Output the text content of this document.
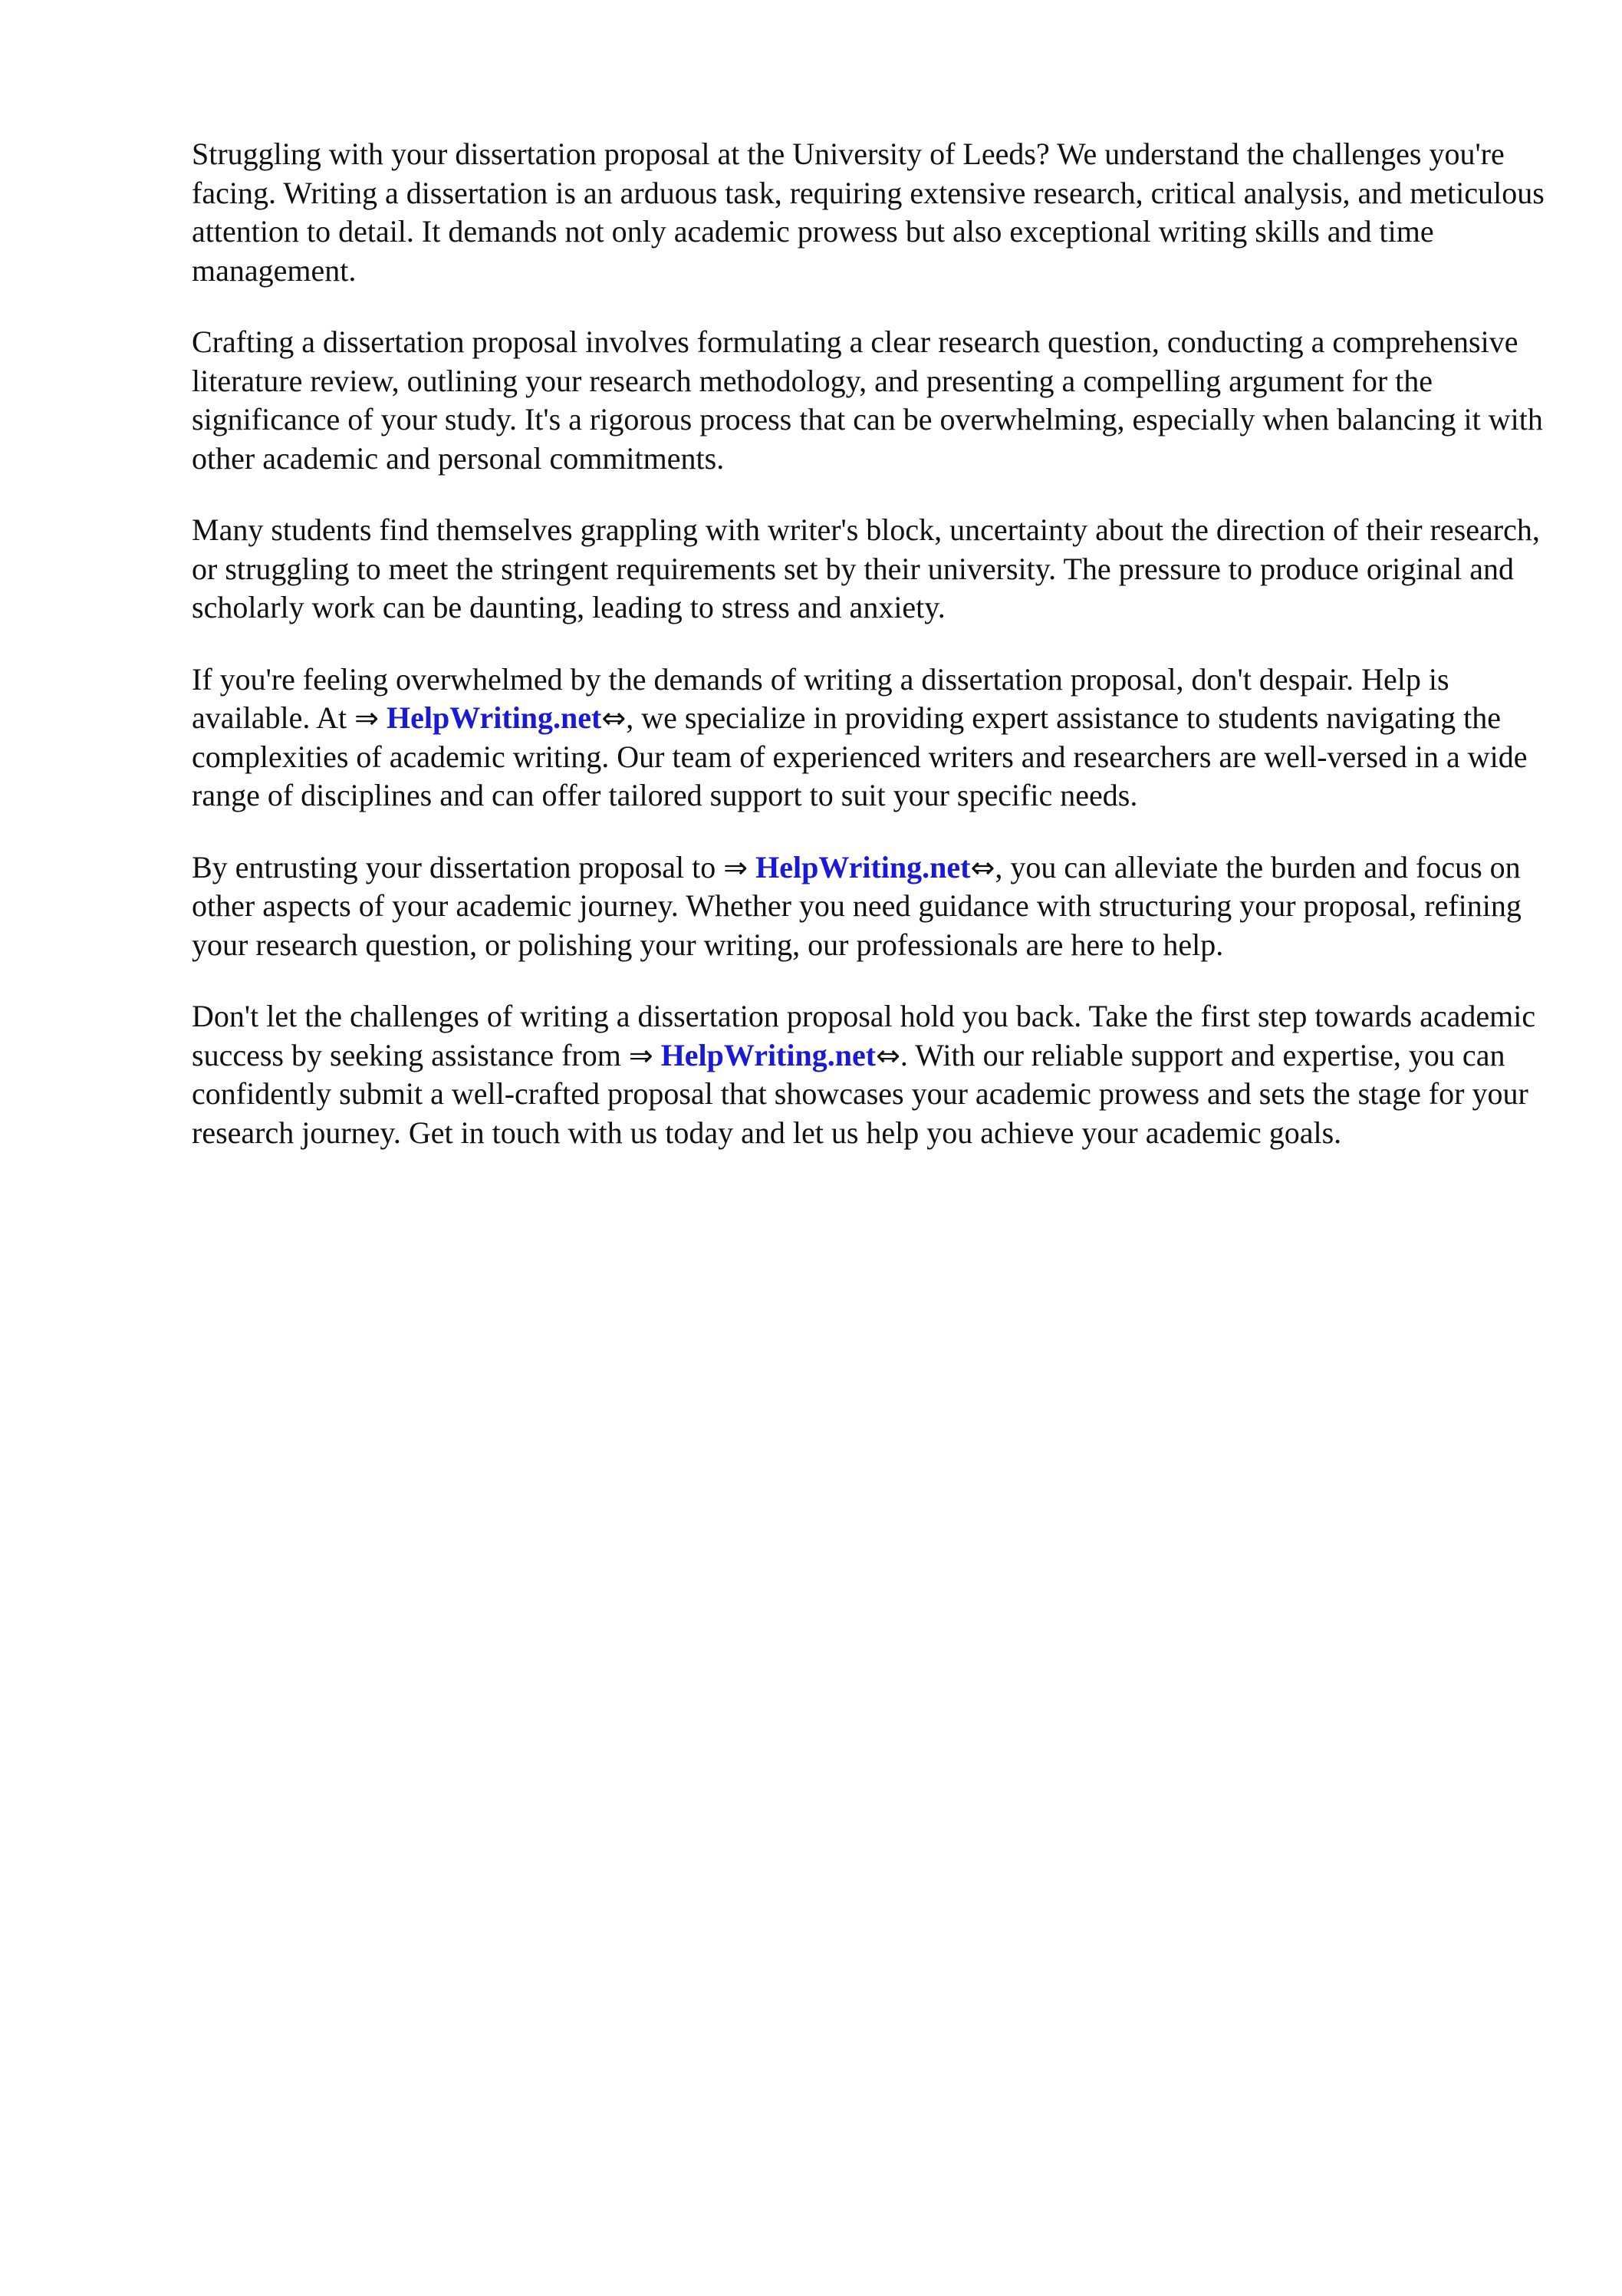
Struggling with your dissertation proposal at the University of Leeds? We understand the challenges you're facing. Writing a dissertation is an arduous task, requiring extensive research, critical analysis, and meticulous attention to detail. It demands not only academic prowess but also exceptional writing skills and time management.

Crafting a dissertation proposal involves formulating a clear research question, conducting a comprehensive literature review, outlining your research methodology, and presenting a compelling argument for the significance of your study. It's a rigorous process that can be overwhelming, especially when balancing it with other academic and personal commitments.

Many students find themselves grappling with writer's block, uncertainty about the direction of their research, or struggling to meet the stringent requirements set by their university. The pressure to produce original and scholarly work can be daunting, leading to stress and anxiety.

If you're feeling overwhelmed by the demands of writing a dissertation proposal, don't despair. Help is available. At ⇒ HelpWriting.net⇔, we specialize in providing expert assistance to students navigating the complexities of academic writing. Our team of experienced writers and researchers are well-versed in a wide range of disciplines and can offer tailored support to suit your specific needs.

By entrusting your dissertation proposal to ⇒ HelpWriting.net⇔, you can alleviate the burden and focus on other aspects of your academic journey. Whether you need guidance with structuring your proposal, refining your research question, or polishing your writing, our professionals are here to help.

Don't let the challenges of writing a dissertation proposal hold you back. Take the first step towards academic success by seeking assistance from ⇒ HelpWriting.net⇔. With our reliable support and expertise, you can confidently submit a well-crafted proposal that showcases your academic prowess and sets the stage for your research journey. Get in touch with us today and let us help you achieve your academic goals.
